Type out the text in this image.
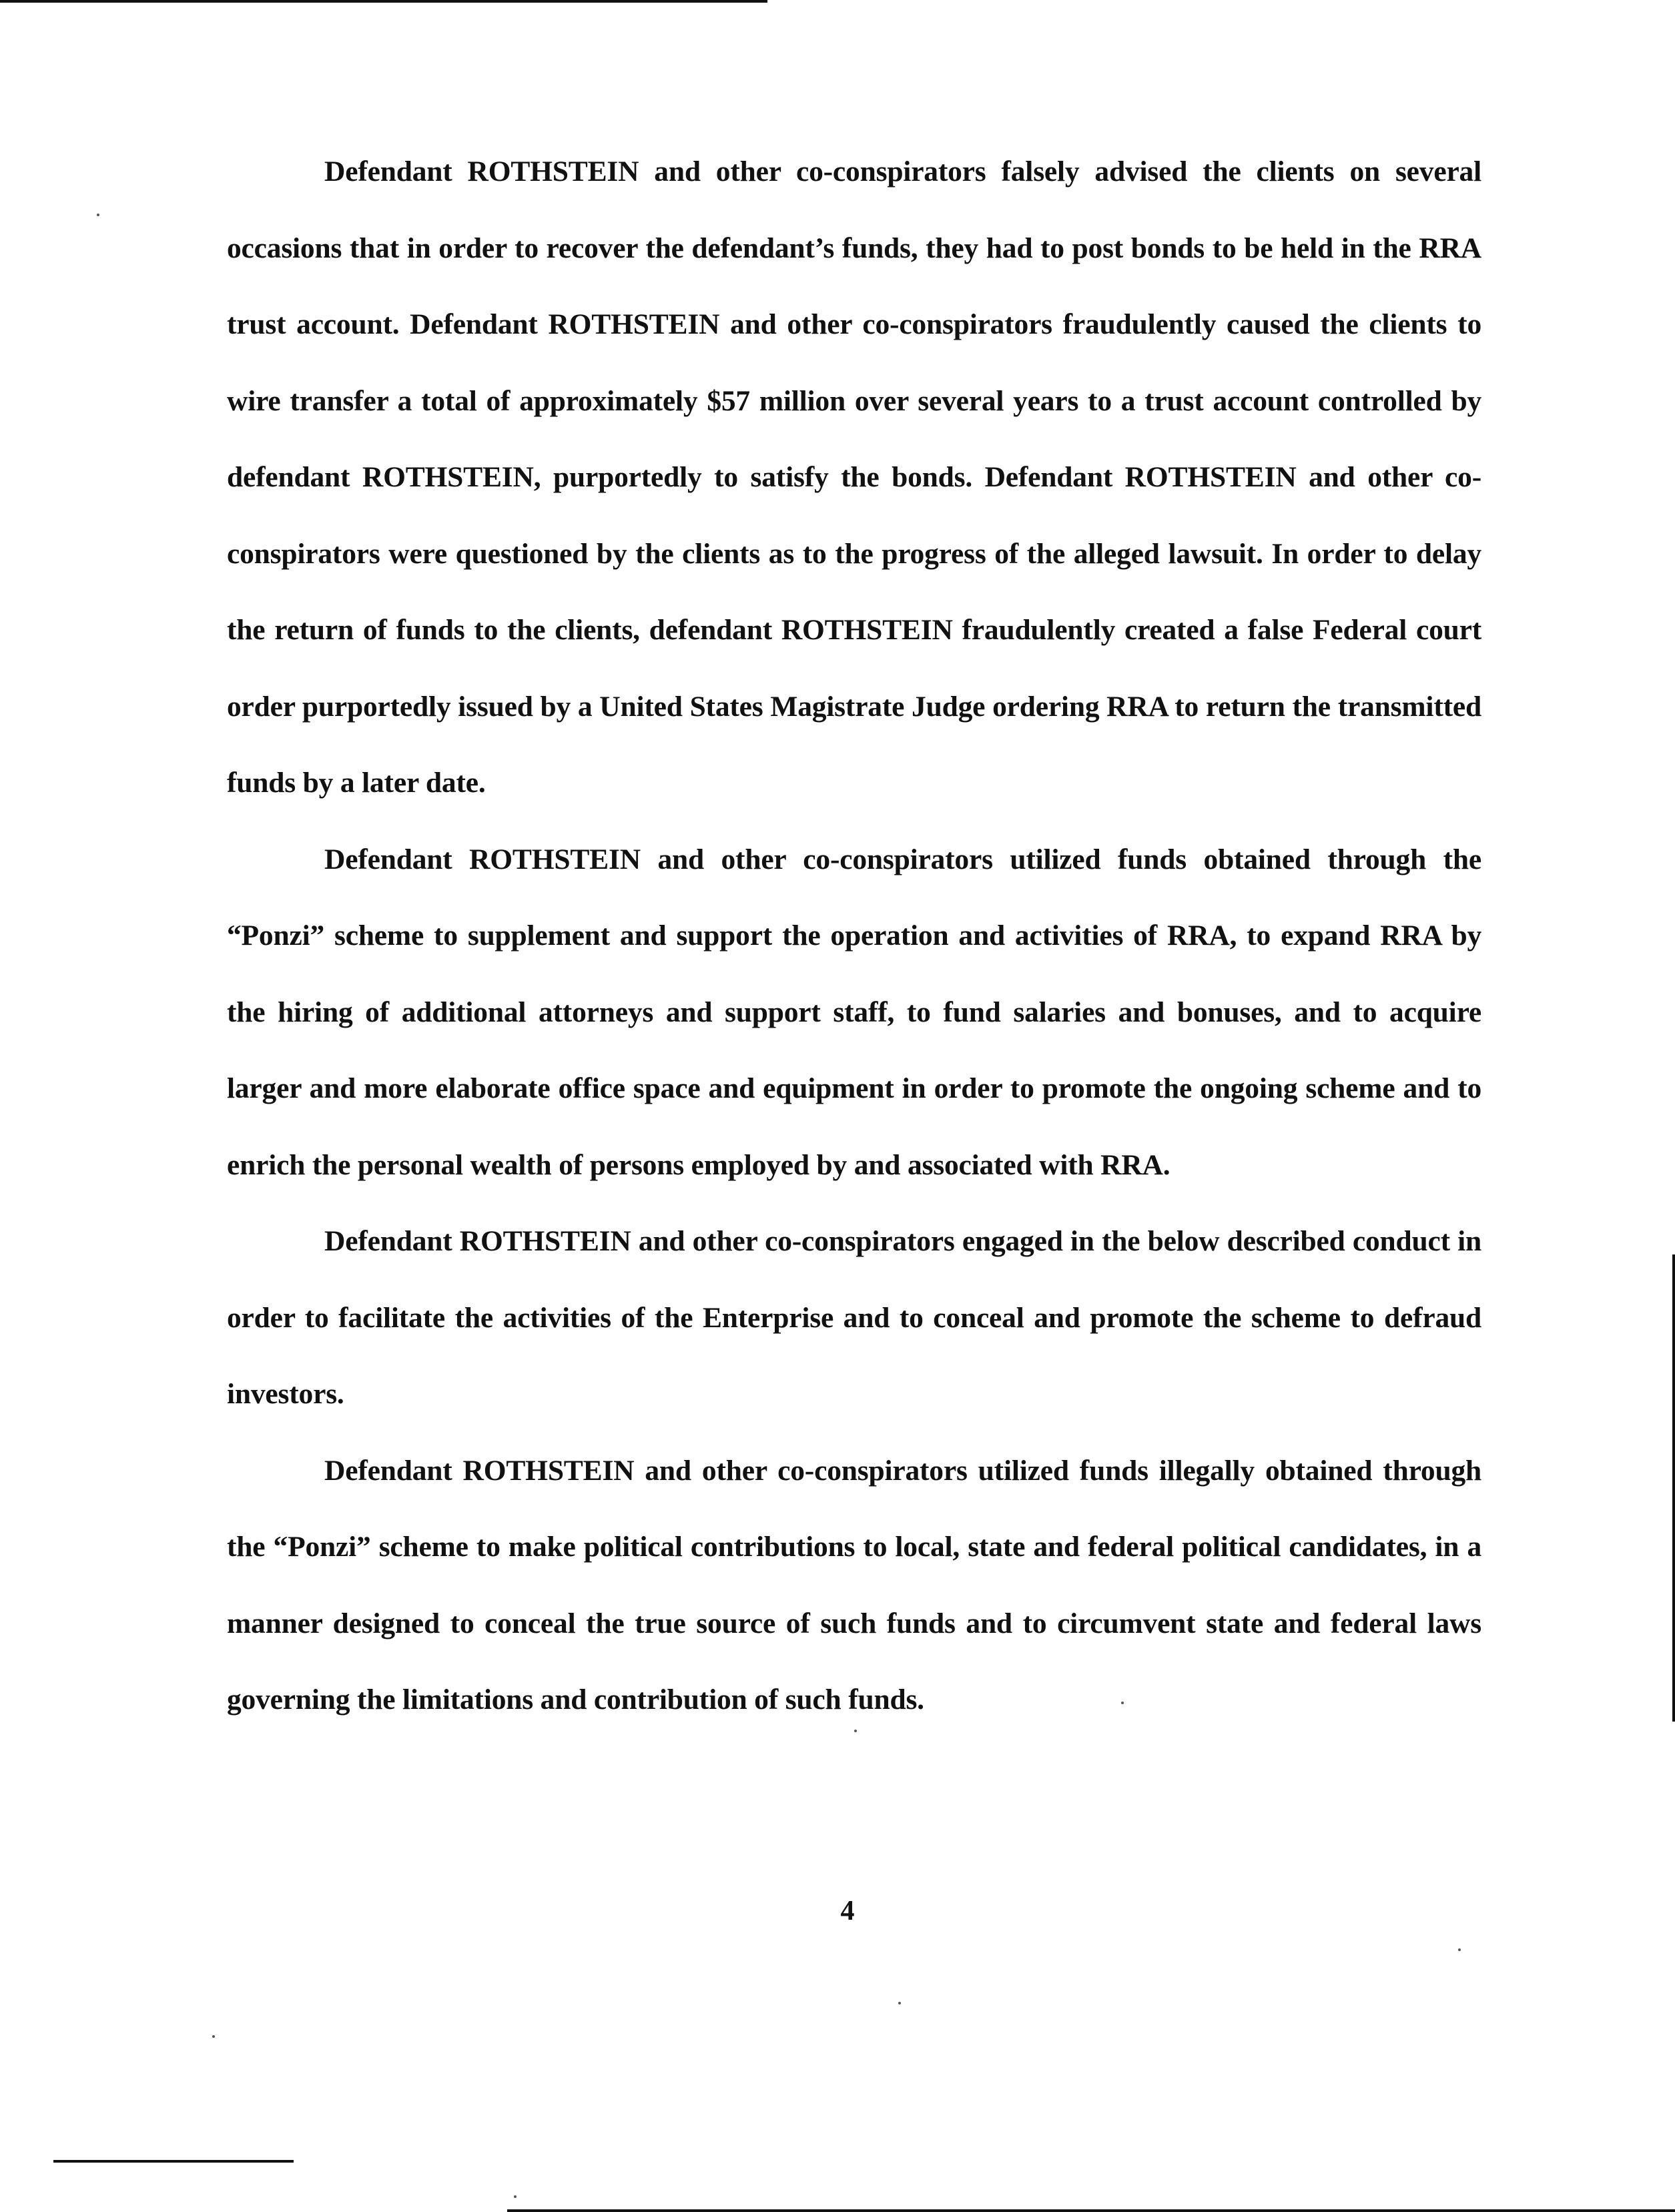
Defendant ROTHSTEIN and other co-conspirators falsely advised the clients on several occasions that in order to recover the defendant’s funds, they had to post bonds to be held in the RRA trust account. Defendant ROTHSTEIN and other co-conspirators fraudulently caused the clients to wire transfer a total of approximately $57 million over several years to a trust account controlled by defendant ROTHSTEIN, purportedly to satisfy the bonds. Defendant ROTHSTEIN and other co-conspirators were questioned by the clients as to the progress of the alleged lawsuit. In order to delay the return of funds to the clients, defendant ROTHSTEIN fraudulently created a false Federal court order purportedly issued by a United States Magistrate Judge ordering RRA to return the transmitted funds by a later date.

Defendant ROTHSTEIN and other co-conspirators utilized funds obtained through the “Ponzi” scheme to supplement and support the operation and activities of RRA, to expand RRA by the hiring of additional attorneys and support staff, to fund salaries and bonuses, and to acquire larger and more elaborate office space and equipment in order to promote the ongoing scheme and to enrich the personal wealth of persons employed by and associated with RRA.

Defendant ROTHSTEIN and other co-conspirators engaged in the below described conduct in order to facilitate the activities of the Enterprise and to conceal and promote the scheme to defraud investors.

Defendant ROTHSTEIN and other co-conspirators utilized funds illegally obtained through the “Ponzi” scheme to make political contributions to local, state and federal political candidates, in a manner designed to conceal the true source of such funds and to circumvent state and federal laws governing the limitations and contribution of such funds.

4
